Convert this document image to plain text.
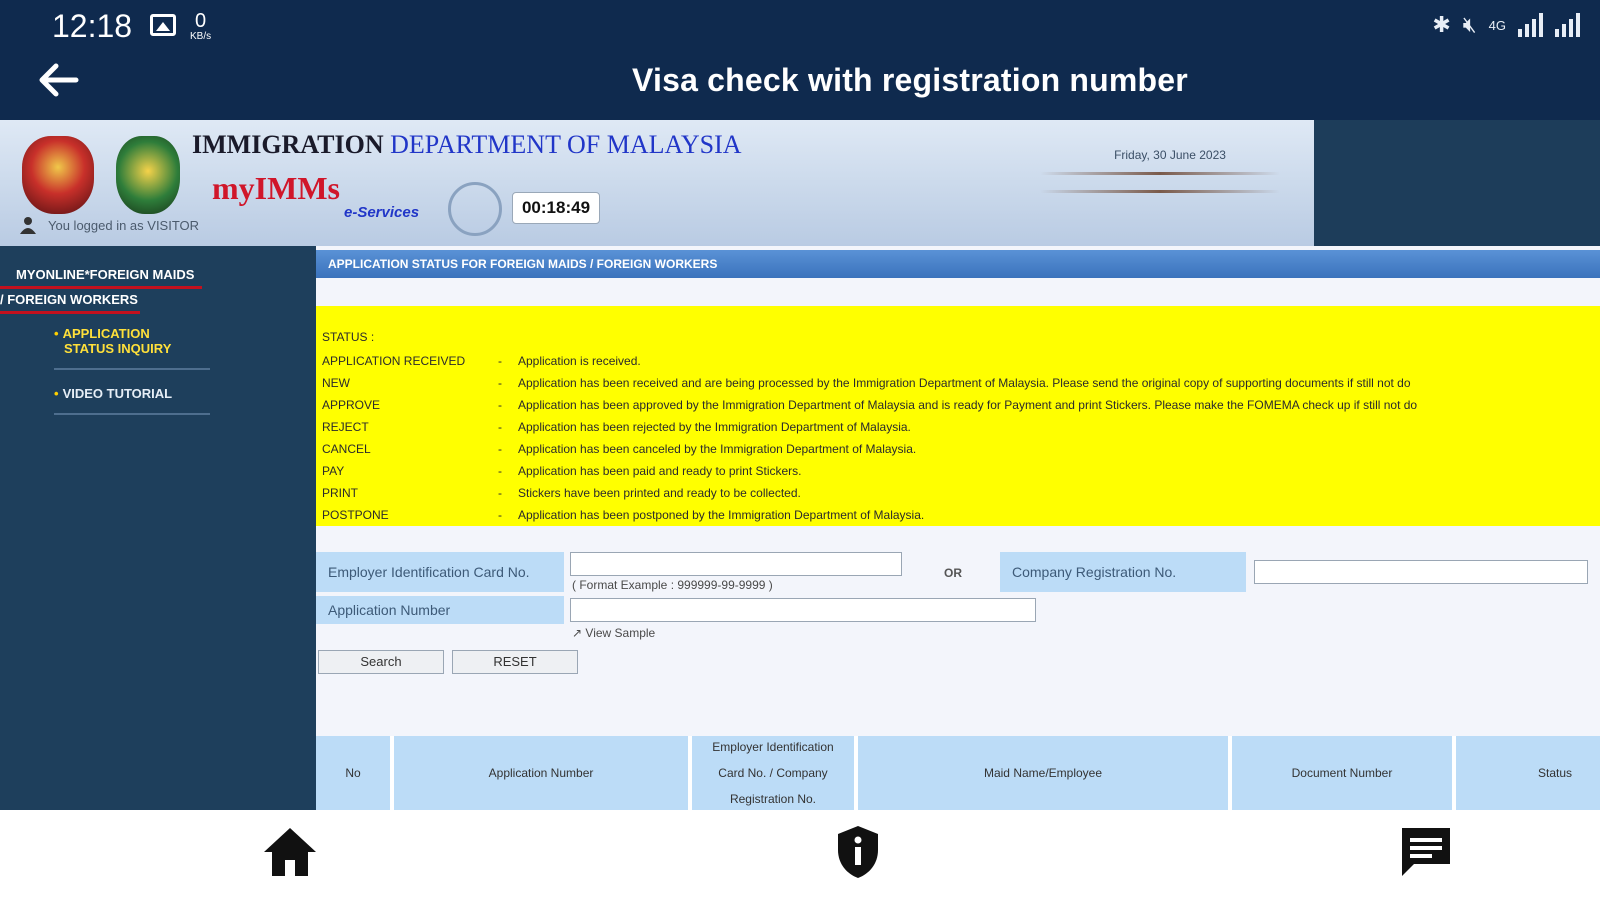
12:18	0
KB/s	✱ 🔇︎ 4G
Visa check with registration number
IMMIGRATION DEPARTMENT OF MALAYSIA
myIMMs
e-Services
You logged in as VISITOR
00:18:49
Friday, 30 June 2023
MYONLINE*FOREIGN MAIDS
/ FOREIGN WORKERS
• APPLICATION
STATUS INQUIRY
• VIDEO TUTORIAL
APPLICATION STATUS FOR FOREIGN MAIDS / FOREIGN WORKERS
STATUS :
APPLICATION RECEIVED	- Application is received.
NEW	- Application has been received and are being processed by the Immigration Department of Malaysia. Please send the original copy of supporting documents if still not do
APPROVE	- Application has been approved by the Immigration Department of Malaysia and is ready for Payment and print Stickers. Please make the FOMEMA check up if still not do
REJECT	- Application has been rejected by the Immigration Department of Malaysia.
CANCEL	- Application has been canceled by the Immigration Department of Malaysia.
PAY	- Application has been paid and ready to print Stickers.
PRINT	- Stickers have been printed and ready to be collected.
POSTPONE	- Application has been postponed by the Immigration Department of Malaysia.
Employer Identification Card No.
( Format Example : 999999-99-9999 )
OR	Company Registration No.
Application Number
↗︎ View Sample
Search	RESET
No	Application Number
Employer Identification
Card No. / Company
Registration No.
Maid Name/Employee	Document Number	Status
